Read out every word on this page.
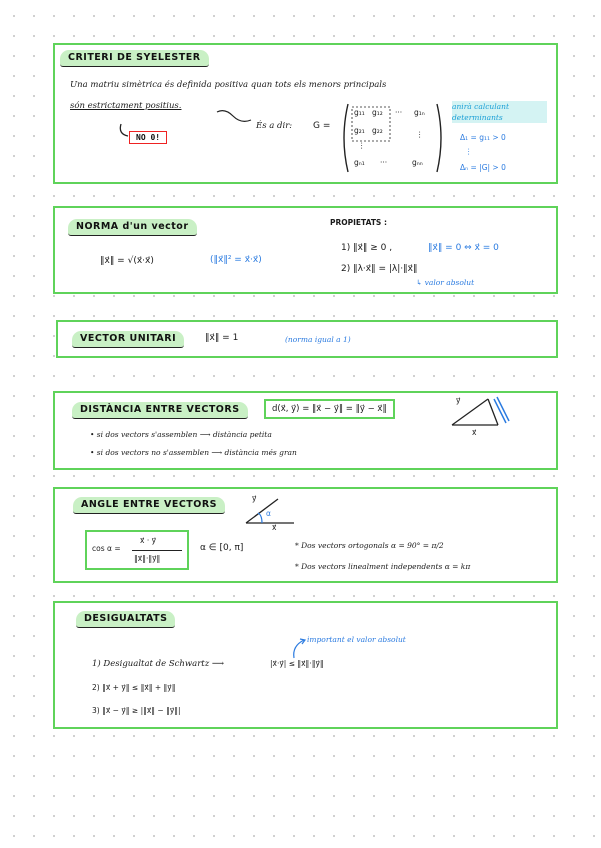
CRITERI DE SYELESTER
Una matriu simètrica és definida positiva quan tots els menors principals
són estrictament positius.
NO 0!
És a dir: G =
g₁₁ g₁₂ ··· g₁ₙ
g₂₁ g₂₂
⋮
⋮
gₙ₁ ···	gₙₙ
anirà calculant determinants
Δ₁ = g₁₁ > 0
⋮
Δₙ = |G| > 0
NORMA d'un vector
‖x⃗‖ = √(x⃗·x⃗)	(‖x⃗‖² = x⃗·x⃗)
PROPIETATS :
1) ‖x⃗‖ ≥ 0 ,	‖x⃗‖ = 0 ⇔ x⃗ = 0
2) ‖λ·x⃗‖ = |λ|·‖x⃗‖
↳ valor absolut
VECTOR UNITARI	‖x⃗‖ = 1	(norma igual a 1)
DISTÀNCIA ENTRE VECTORS	d(x⃗, y⃗) = ‖x⃗ − y⃗‖ = ‖y⃗ − x⃗‖
• si dos vectors s'assemblen ⟶ distància petita
• si dos vectors no s'assemblen ⟶ distància més gran
y⃗
x⃗
ANGLE ENTRE VECTORS
cos α =
x⃗ · y⃗
‖x⃗‖·‖y⃗‖
α ∈ [0, π]
y⃗
α
x⃗
* Dos vectors ortogonals α = 90° = π/2
* Dos vectors linealment independents α = kπ
DESIGUALTATS
important el valor absolut
1) Desigualtat de Schwartz ⟶	|x⃗·y⃗| ≤ ‖x⃗‖·‖y⃗‖
2) ‖x⃗ + y⃗‖ ≤ ‖x⃗‖ + ‖y⃗‖
3) ‖x⃗ − y⃗‖ ≥ |‖x⃗‖ − ‖y⃗‖|
